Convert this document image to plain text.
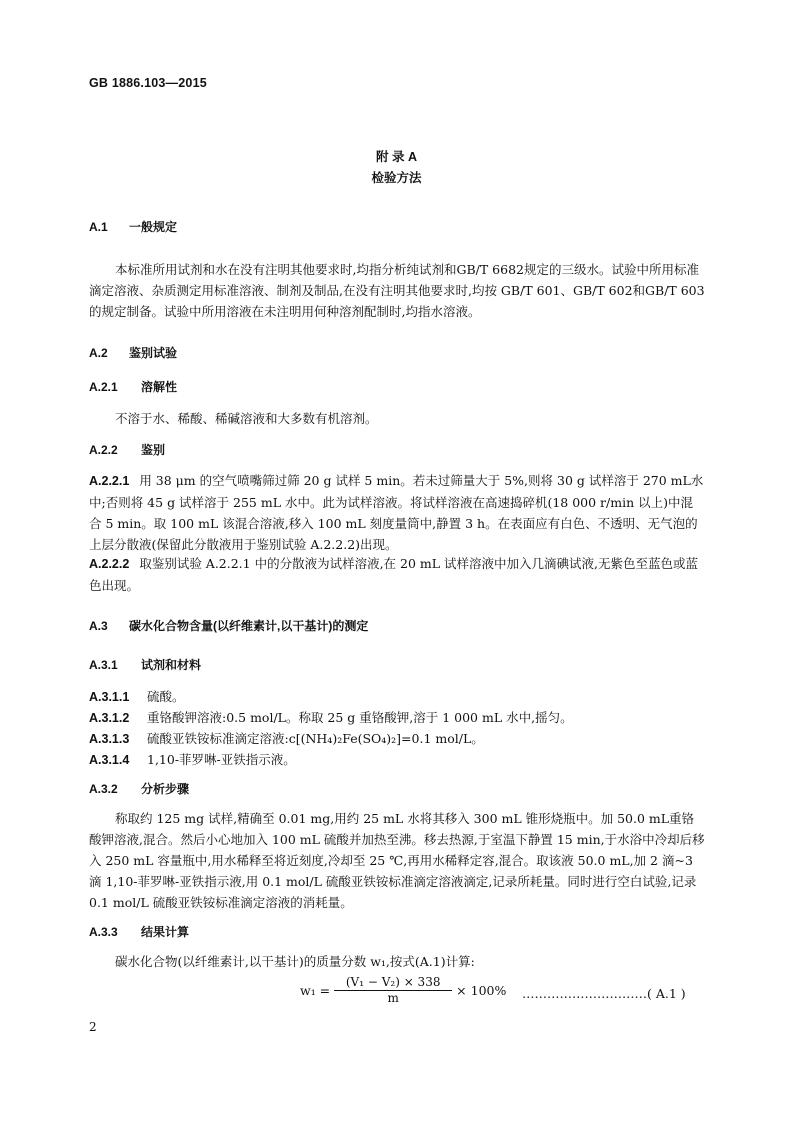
GB 1886.103—2015
附 录 A
检验方法
A.1 一般规定
本标准所用试剂和水在没有注明其他要求时,均指分析纯试剂和GB/T 6682规定的三级水。试验中所用标准滴定溶液、杂质测定用标准溶液、制剂及制品,在没有注明其他要求时,均按 GB/T 601、GB/T 602和GB/T 603的规定制备。试验中所用溶液在未注明用何种溶剂配制时,均指水溶液。
A.2 鉴别试验
A.2.1 溶解性
不溶于水、稀酸、稀碱溶液和大多数有机溶剂。
A.2.2 鉴别
A.2.2.1 用 38 μm 的空气喷嘴筛过筛 20 g 试样 5 min。若未过筛量大于 5%,则将 30 g 试样溶于 270 mL水中;否则将 45 g 试样溶于 255 mL 水中。此为试样溶液。将试样溶液在高速捣碎机(18 000 r/min 以上)中混合 5 min。取 100 mL 该混合溶液,移入 100 mL 刻度量筒中,静置 3 h。在表面应有白色、不透明、无气泡的上层分散液(保留此分散液用于鉴别试验 A.2.2.2)出现。
A.2.2.2 取鉴别试验 A.2.2.1 中的分散液为试样溶液,在 20 mL 试样溶液中加入几滴碘试液,无紫色至蓝色或蓝色出现。
A.3 碳水化合物含量(以纤维素计,以干基计)的测定
A.3.1 试剂和材料
A.3.1.1 硫酸。
A.3.1.2 重铬酸钾溶液:0.5 mol/L。称取 25 g 重铬酸钾,溶于 1 000 mL 水中,摇匀。
A.3.1.3 硫酸亚铁铵标准滴定溶液:c[(NH₄)₂Fe(SO₄)₂]=0.1 mol/L。
A.3.1.4 1,10-菲罗啉-亚铁指示液。
A.3.2 分析步骤
称取约 125 mg 试样,精确至 0.01 mg,用约 25 mL 水将其移入 300 mL 锥形烧瓶中。加 50.0 mL重铬酸钾溶液,混合。然后小心地加入 100 mL 硫酸并加热至沸。移去热源,于室温下静置 15 min,于水浴中冷却后移入 250 mL 容量瓶中,用水稀释至将近刻度,冷却至 25 ℃,再用水稀释定容,混合。取该液 50.0 mL,加 2 滴~3 滴 1,10-菲罗啉-亚铁指示液,用 0.1 mol/L 硫酸亚铁铵标准滴定溶液滴定,记录所耗量。同时进行空白试验,记录 0.1 mol/L 硫酸亚铁铵标准滴定溶液的消耗量。
A.3.3 结果计算
碳水化合物(以纤维素计,以干基计)的质量分数 w₁,按式(A.1)计算:
$w_1 = \frac{\text{(V₁ − V₂) × 338}}{m} \times 100\%$ …………………………( A.1 )
2
